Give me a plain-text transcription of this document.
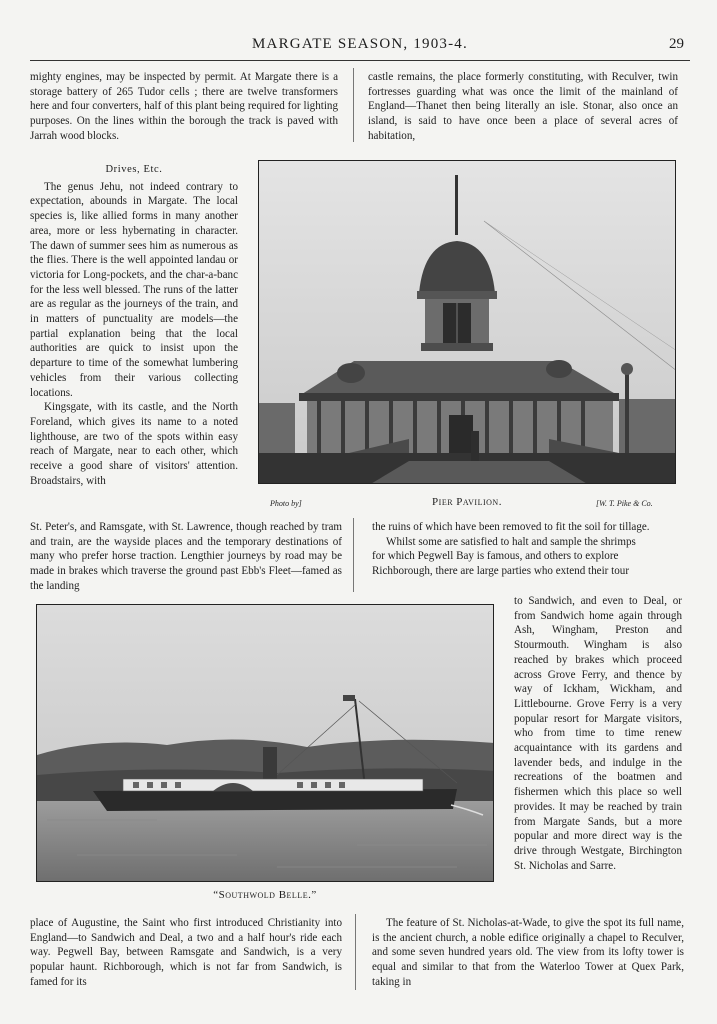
MARGATE SEASON, 1903-4.	29

mighty engines, may be inspected by permit. At Margate there is a storage battery of 265 Tudor cells ; there are twelve transformers here and four converters, half of this plant being required for lighting purposes. On the lines within the borough the track is paved with Jarrah wood blocks.

castle remains, the place formerly constituting, with Reculver, twin fortresses guarding what was once the limit of the mainland of England—Thanet then being literally an isle. Stonar, also once an island, is said to have once been a place of several acres of habitation,

Drives, Etc.

The genus Jehu, not indeed contrary to expectation, abounds in Margate. The local species is, like allied forms in many another area, more or less hybernating in character. The dawn of summer sees him as numerous as the flies. There is the well appointed landau or victoria for Long-pockets, and the char-a-banc for the less well blessed. The runs of the latter are as regular as the journeys of the train, and in matters of punctuality are models—the partial explanation being that the local authorities are quick to insist upon the departure to time of the somewhat lumbering vehicles from their various collecting locations.

Kingsgate, with its castle, and the North Foreland, which gives its name to a noted lighthouse, are two of the spots within easy reach of Margate, near to each other, which receive a good share of visitors' attention. Broadstairs, with

Photo by]	Pier Pavilion.	[W. T. Pike & Co.

St. Peter's, and Ramsgate, with St. Lawrence, though reached by tram and train, are the wayside places and the temporary destinations of many who prefer horse traction. Lengthier journeys by road may be made in brakes which traverse the ground past Ebb's Fleet—famed as the landing

the ruins of which have been removed to fit the soil for tillage.

Whilst some are satisfied to halt and sample the shrimps
for which Pegwell Bay is famous, and others to explore
Richborough, there are large parties who extend their tour

to Sandwich, and even to Deal, or from Sandwich home again through Ash, Wingham, Preston and Stourmouth. Wingham is also reached by brakes which proceed across Grove Ferry, and thence by way of Ickham, Wickham, and Littlebourne. Grove Ferry is a very popular resort for Margate visitors, who from time to time renew acquaintance with its gardens and lavender beds, and indulge in the recreations of the boatmen and fishermen which this place so well provides. It may be reached by train from Margate Sands, but a more popular and more direct way is the drive through Westgate, Birchington St. Nicholas and Sarre.

“Southwold Belle.”

place of Augustine, the Saint who first introduced Christianity into England—to Sandwich and Deal, a two and a half hour's ride each way. Pegwell Bay, between Ramsgate and Sandwich, is a very popular haunt. Richborough, which is not far from Sandwich, is famed for its

The feature of St. Nicholas-at-Wade, to give the spot its full name, is the ancient church, a noble edifice originally a chapel to Reculver, and some seven hundred years old. The view from its lofty tower is equal and similar to that from the Waterloo Tower at Quex Park, taking in
